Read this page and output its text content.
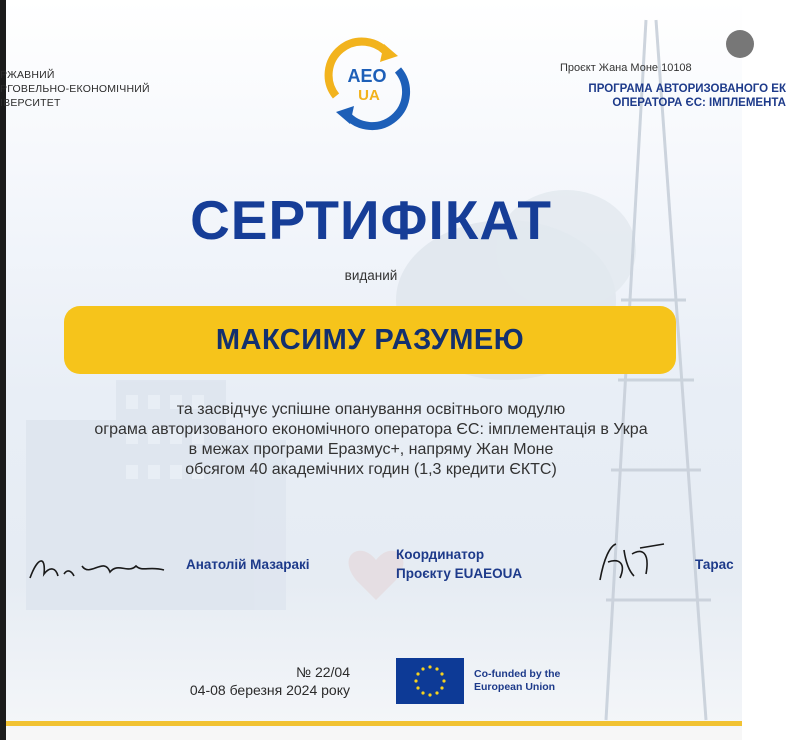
РЖАВНИЙ
РГОВЕЛЬНО-ЕКОНОМІЧНИЙ
ІВЕРСИТЕТ
AEO
UA
Проєкт Жана Моне 10108
ПРОГРАМА АВТОРИЗОВАНОГО ЕК
ОПЕРАТОРА ЄС: ІМПЛЕМЕНТА
СЕРТИФІКАТ
виданий
МАКСИМУ РАЗУМЕЮ
та засвідчує успішне опанування освітнього модулю
ограма авторизованого економічного оператора ЄС: імплементація в Укра
в межах програми Еразмус+, напряму Жан Моне
обсягом 40 академічних годин (1,3 кредити ЄКТС)
Анатолій Мазаракі
Координатор
Проєкту EUAEOUA
Тарас
№ 22/04
04-08 березня 2024 року
Co-funded by the
European Union
